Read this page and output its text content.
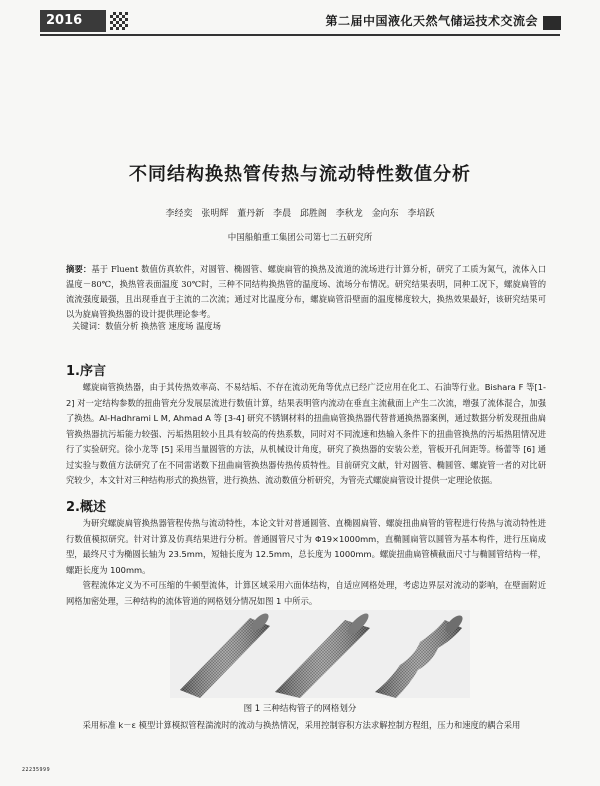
2016	第二届中国液化天然气储运技术交流会
不同结构换热管传热与流动特性数值分析
李经奕 张明辉 董丹新 李晨 邱胜阁 李秋龙 金向东 李培跃
中国船舶重工集团公司第七二五研究所
摘要：基于 Fluent 数值仿真软件，对圆管、椭圆管、螺旋扁管的换热及流道的流场进行计算分析，研究了工质为氮气，流体入口温度－80℃，换热管表面温度 30℃时，三种不同结构换热管的温度场、流场分布情况。研究结果表明，同种工况下，螺旋扁管的流流强度最强，且出现垂直于主流的二次流；通过对比温度分布，螺旋扁管沿壁面的温度梯度较大，换热效果最好，该研究结果可以为旋扁管换热器的设计提供理论参考。
关键词：数值分析 换热管 速度场 温度场
1.序言
螺旋扁管换热器，由于其传热效率高、不易结垢、不存在流动死角等优点已经广泛应用在化工、石油等行业。Bishara F 等[1-2] 对一定结构参数的扭曲管充分发展层流进行数值计算，结果表明管内流动在垂直主流截面上产生二次流，增强了流体混合，加强了换热。Al-Hadhrami L M, Ahmad A 等 [3-4] 研究不锈钢材料的扭曲扁管换热器代替普通换热器案例，通过数据分析发现扭曲扁管换热器抗污垢能力较强、污垢热阻较小且具有较高的传热系数，同时对不同流速和热输入条件下的扭曲管换热的污垢热阻情况进行了实验研究。徐小龙等 [5] 采用当量圆管的方法，从机械设计角度，研究了换热器的安装公差，管板开孔间距等。杨蕾等 [6] 通过实验与数值方法研究了在不同雷诺数下扭曲扁管换热器传热传质特性。目前研究文献，针对圆管、椭圆管、螺旋管一者的对比研究较少，本文针对三种结构形式的换热管，进行换热、流动数值分析研究，为管壳式螺旋扁管设计提供一定理论依据。
2.概述
为研究螺旋扁管换热器管程传热与流动特性，本论文针对普通圆管、直椭圆扁管、螺旋扭曲扁管的管程进行传热与流动特性进行数值模拟研究。针对计算及仿真结果进行分析。普通圆管尺寸为 Φ19×1000mm，直椭圆扁管以圆管为基本构件，进行压扁成型，最终尺寸为椭圆长轴为 23.5mm，短轴长度为 12.5mm，总长度为 1000mm。螺旋扭曲扁管横截面尺寸与椭圆管结构一样，螺距长度为 100mm。
管程流体定义为不可压缩的牛顿型流体，计算区域采用六面体结构，自适应网格处理，考虑边界层对流动的影响，在壁面附近网格加密处理，三种结构的流体管道的网格划分情况如图 1 中所示。
图 1 三种结构管子的网格划分
采用标准 k－ε 模型计算模拟管程湍流时的流动与换热情况，采用控制容积方法求解控制方程组，压力和速度的耦合采用
22235999
